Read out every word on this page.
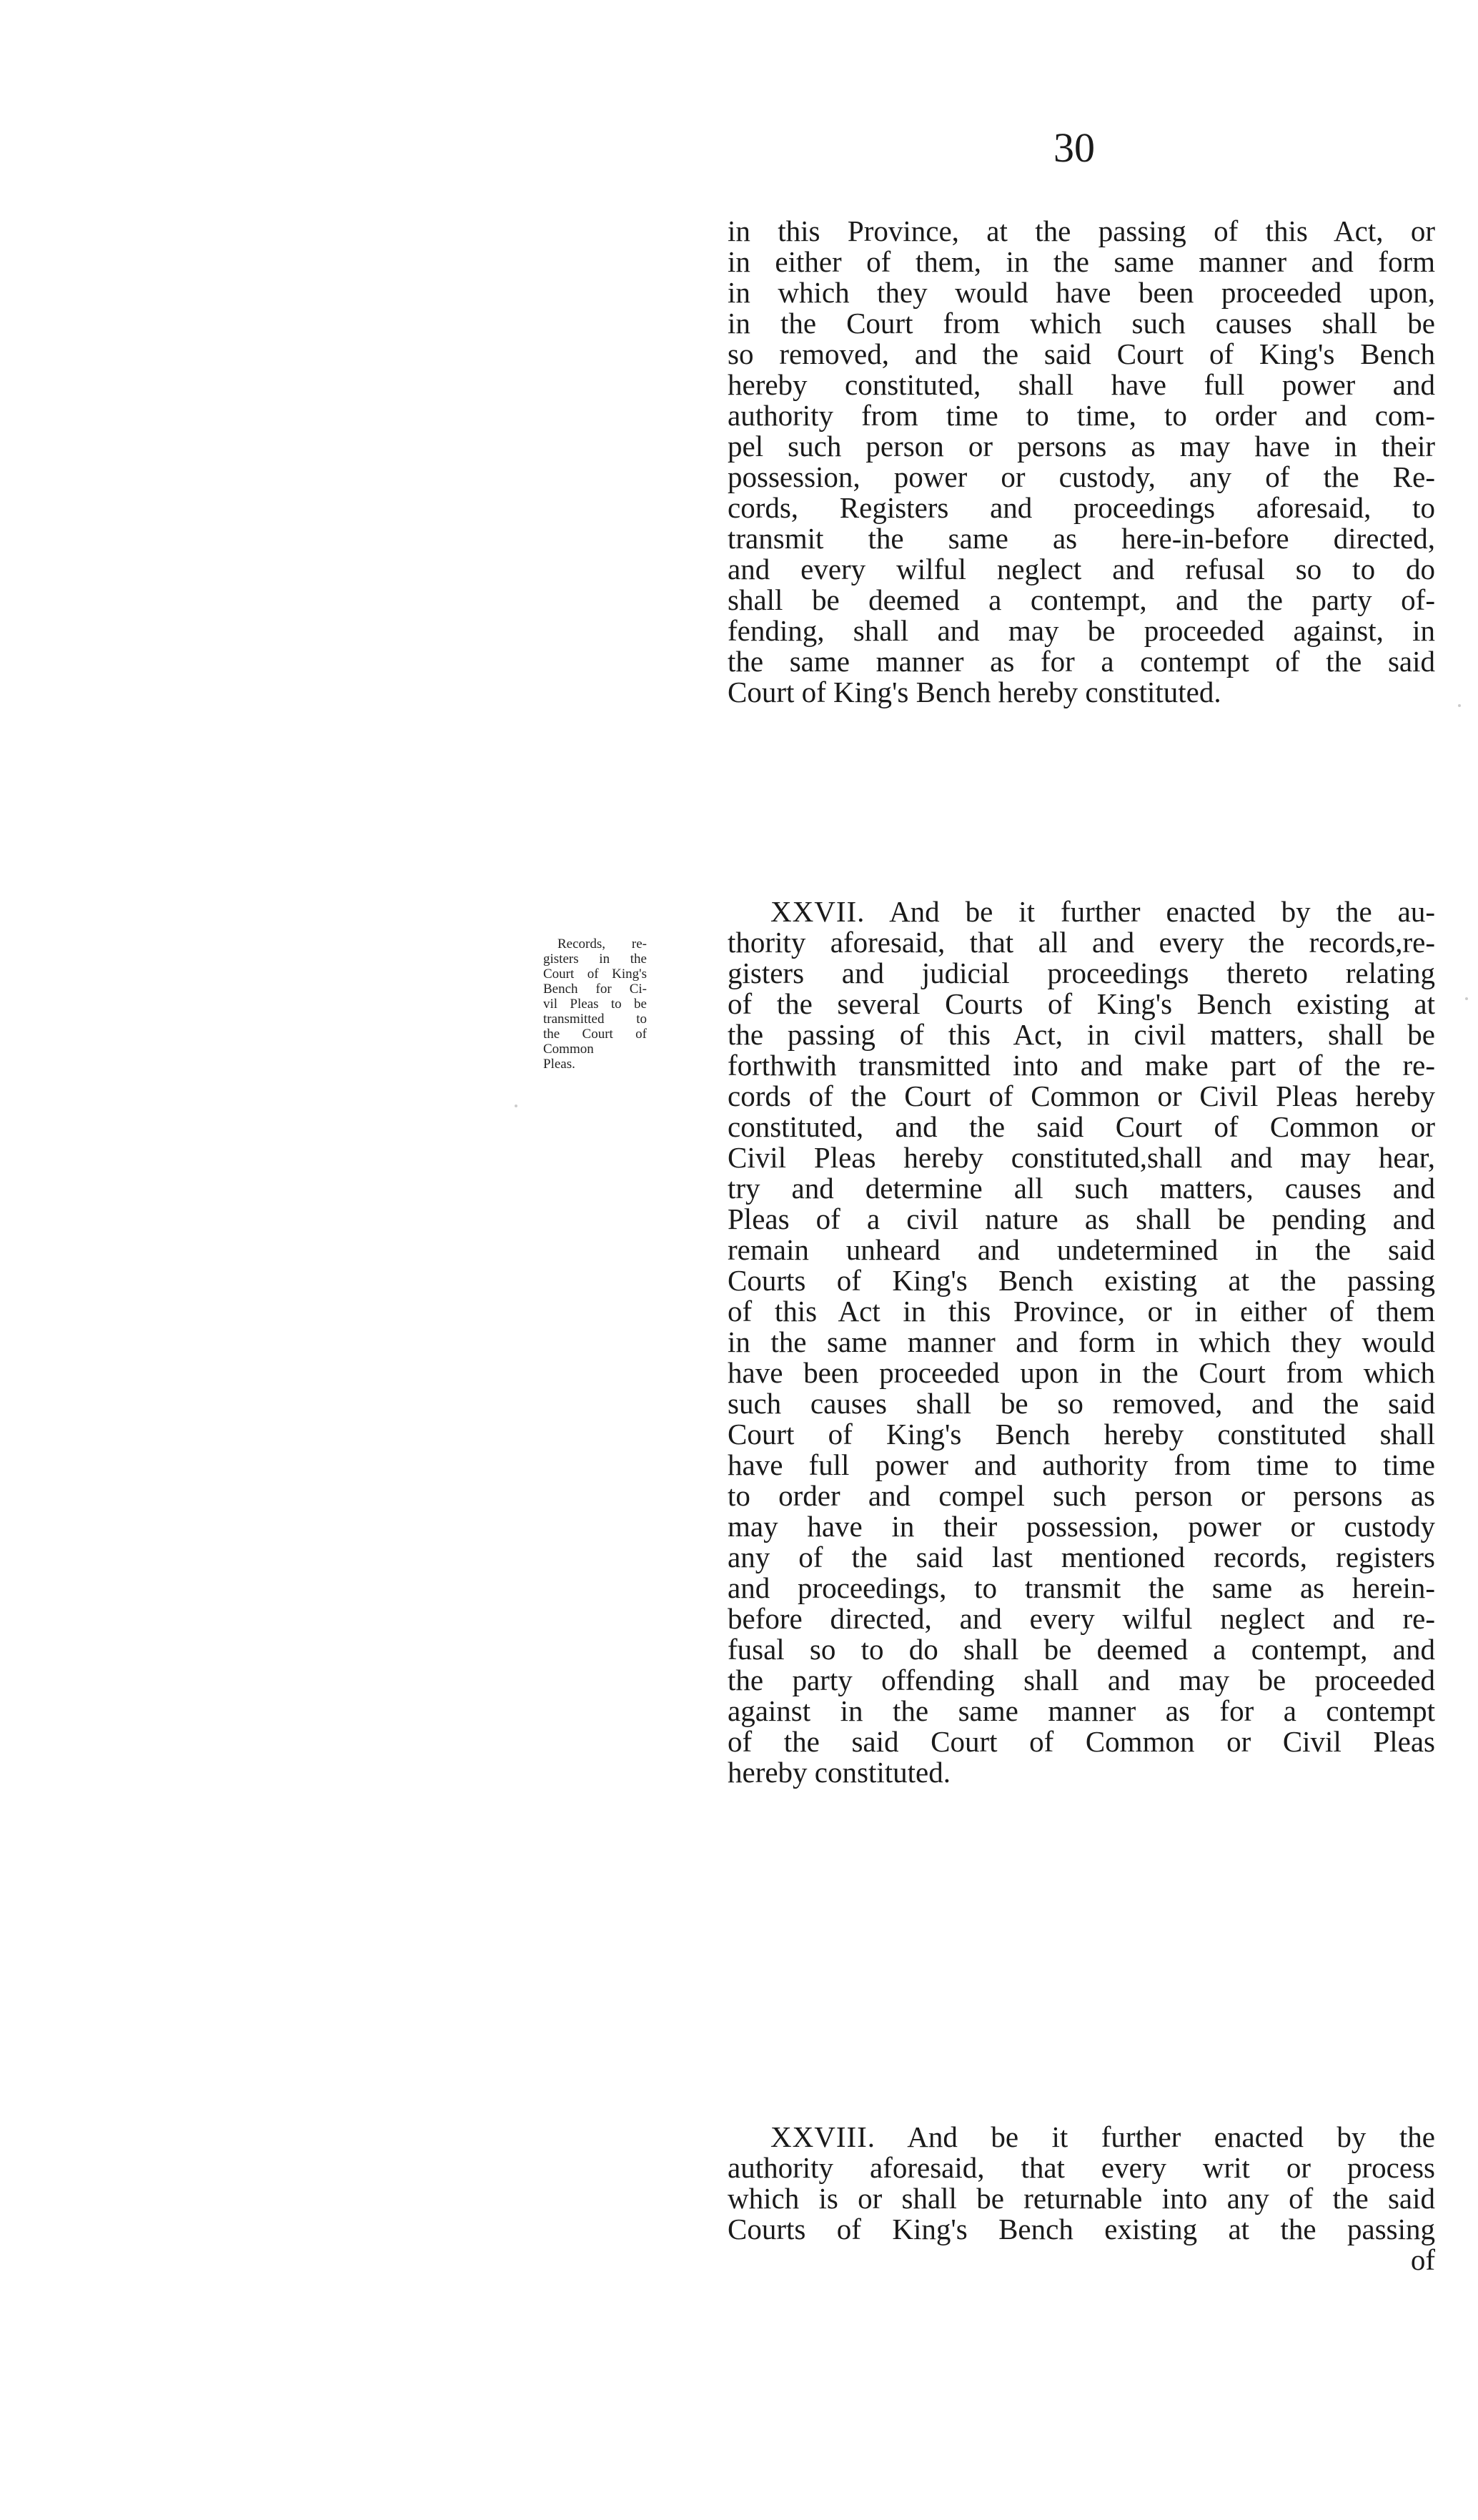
30
in this Province, at the passing of this Act, or
in either of them, in the same manner and form
in which they would have been proceeded upon,
in the Court from which such causes shall be
so removed, and the said Court of King's Bench
hereby constituted, shall have full power and
authority from time to time, to order and com-
pel such person or persons as may have in their
possession, power or custody, any of the Re-
cords, Registers and proceedings aforesaid, to
transmit the same as here-in-before directed,
and every wilful neglect and refusal so to do
shall be deemed a contempt, and the party of-
fending, shall and may be proceeded against, in
the same manner as for a contempt of the said
Court of King's Bench hereby constituted.
Records, re-
gisters in the
Court of King's
Bench for Ci-
vil Pleas to be
transmitted to
the Court of
Common
Pleas.
XXVII. And be it further enacted by the au-
thority aforesaid, that all and every the records,re-
gisters and judicial proceedings thereto relating
of the several Courts of King's Bench existing at
the passing of this Act, in civil matters, shall be
forthwith transmitted into and make part of the re-
cords of the Court of Common or Civil Pleas hereby
constituted, and the said Court of Common or
Civil Pleas hereby constituted,shall and may hear,
try and determine all such matters, causes and
Pleas of a civil nature as shall be pending and
remain unheard and undetermined in the said
Courts of King's Bench existing at the passing
of this Act in this Province, or in either of them
in the same manner and form in which they would
have been proceeded upon in the Court from which
such causes shall be so removed, and the said
Court of King's Bench hereby constituted shall
have full power and authority from time to time
to order and compel such person or persons as
may have in their possession, power or custody
any of the said last mentioned records, registers
and proceedings, to transmit the same as herein-
before directed, and every wilful neglect and re-
fusal so to do shall be deemed a contempt, and
the party offending shall and may be proceeded
against in the same manner as for a contempt
of the said Court of Common or Civil Pleas
hereby constituted.
XXVIII. And be it further enacted by the
authority aforesaid, that every writ or process
which is or shall be returnable into any of the said
Courts of King's Bench existing at the passing
of
